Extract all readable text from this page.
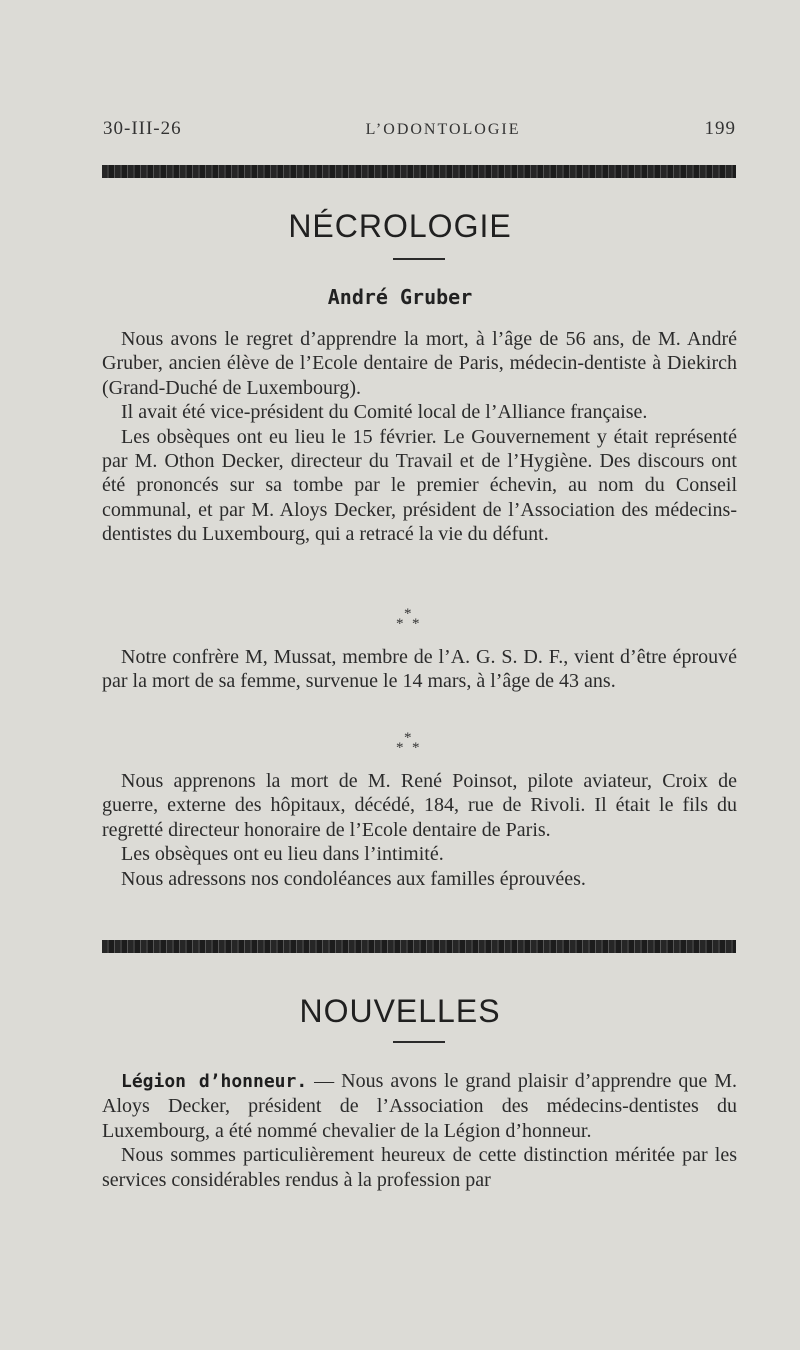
30-III-26	L’ODONTOLOGIE	199
NÉCROLOGIE
André Gruber

Nous avons le regret d’apprendre la mort, à l’âge de 56 ans, de M. André Gruber, ancien élève de l’Ecole dentaire de Paris, médecin-dentiste à Diekirch (Grand-Duché de Luxembourg).

Il avait été vice-président du Comité local de l’Alliance française.

Les obsèques ont eu lieu le 15 février. Le Gouvernement y était représenté par M. Othon Decker, directeur du Travail et de l’Hygiène. Des discours ont été prononcés sur sa tombe par le premier échevin, au nom du Conseil communal, et par M. Aloys Decker, président de l’Association des médecins-dentistes du Luxembourg, qui a retracé la vie du défunt.

*
* *

Notre confrère M, Mussat, membre de l’A. G. S. D. F., vient d’être éprouvé par la mort de sa femme, survenue le 14 mars, à l’âge de 43 ans.

*
* *

Nous apprenons la mort de M. René Poinsot, pilote aviateur, Croix de guerre, externe des hôpitaux, décédé, 184, rue de Rivoli. Il était le fils du regretté directeur honoraire de l’Ecole dentaire de Paris.

Les obsèques ont eu lieu dans l’intimité.

Nous adressons nos condoléances aux familles éprouvées.

NOUVELLES

Légion d’honneur. — Nous avons le grand plaisir d’apprendre que M. Aloys Decker, président de l’Association des médecins-dentistes du Luxembourg, a été nommé chevalier de la Légion d’honneur.

Nous sommes particulièrement heureux de cette distinction méritée par les services considérables rendus à la profession par
